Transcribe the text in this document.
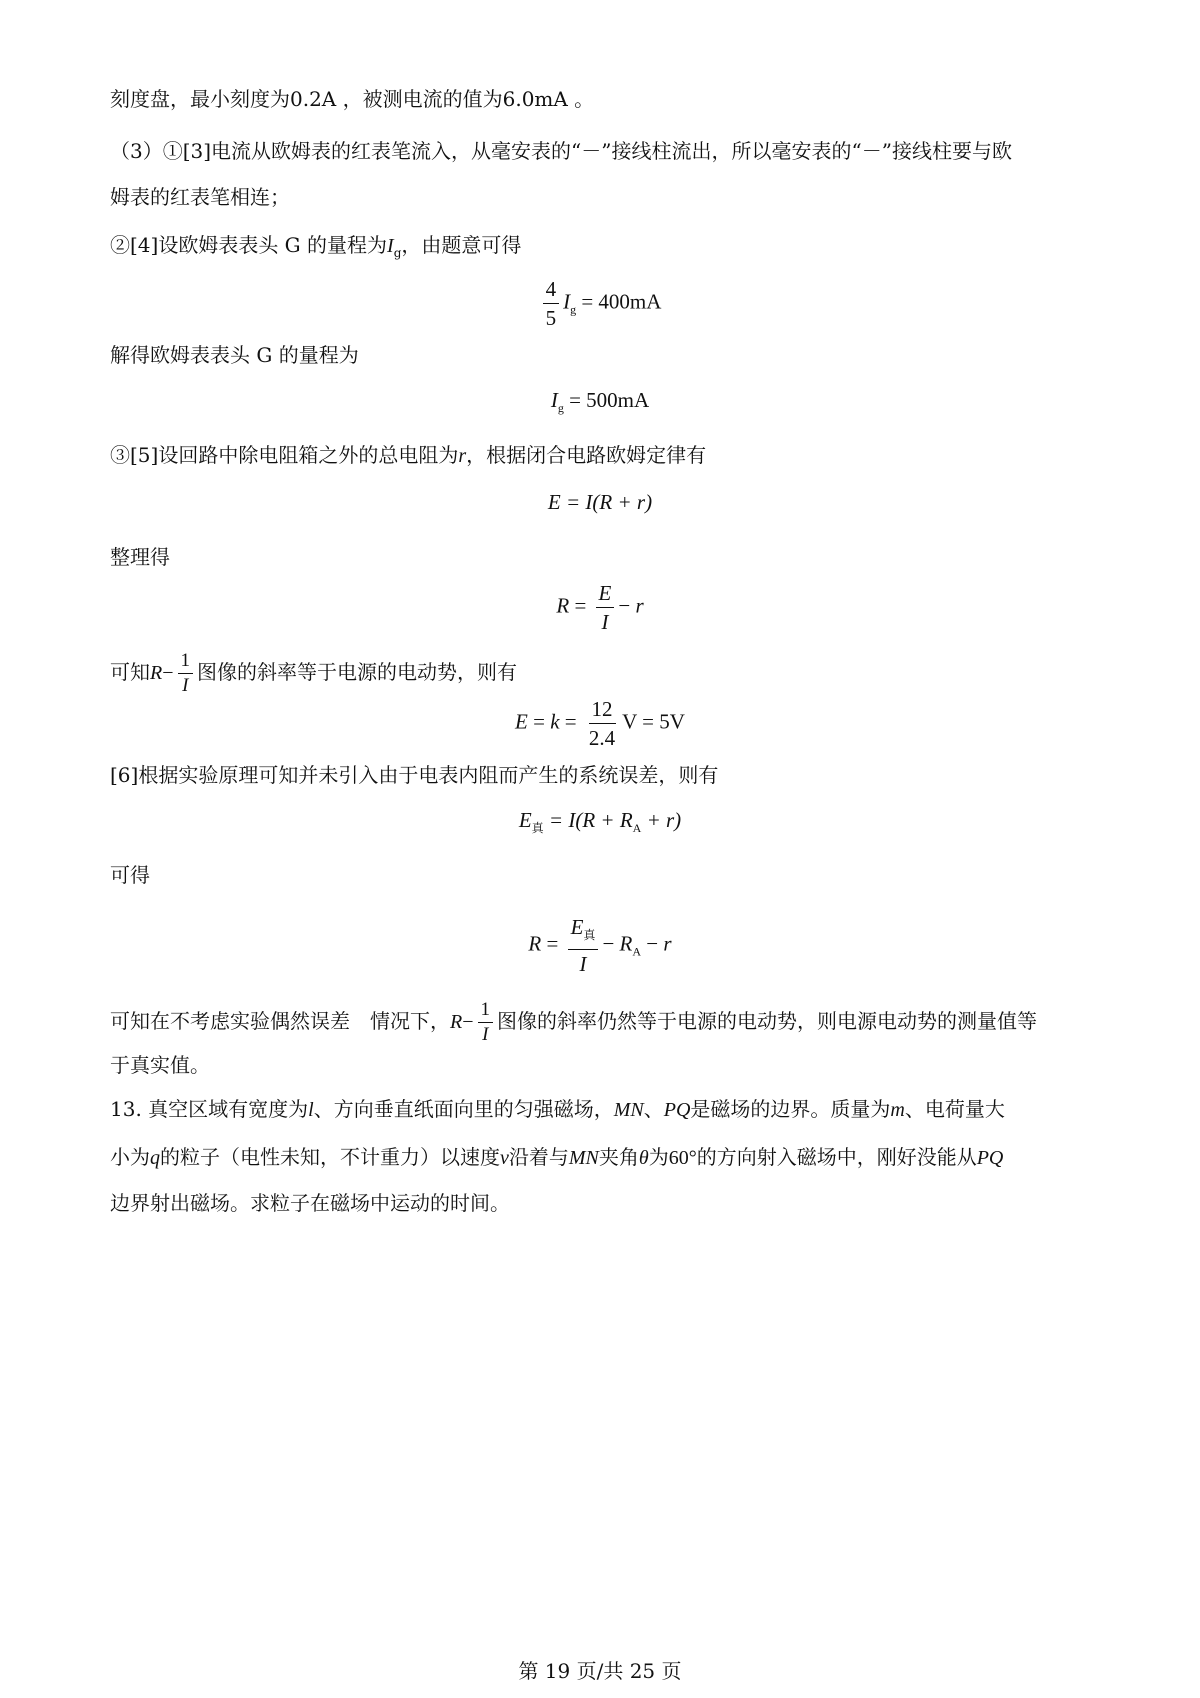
刻度盘，最小刻度为0.2A ，被测电流的值为6.0mA 。
（3）①[3]电流从欧姆表的红表笔流入，从毫安表的“－”接线柱流出，所以毫安表的“－”接线柱要与欧
姆表的红表笔相连；
②[4]设欧姆表表头 G 的量程为$I_g$，由题意可得
$\frac{4}{5} I_g = 400mA$
解得欧姆表表头 G 的量程为
$I_g = 500mA$
③[5]设回路中除电阻箱之外的总电阻为r，根据闭合电路欧姆定律有
E = I(R + r)
整理得
$R = \frac{E}{I} - r$
可知$R- \frac{1}{I}$ 图像的斜率等于电源的电动势，则有
$E = k = \frac{12}{2.4}$ V = 5V
[6]根据实验原理可知并未引入由于电表内阻而产生的系统误差，则有
$E_真 = I(R + R_A + r)$
可得
$R = \frac{E_真}{I} - R_A - r$
可知在不考虑实验偶然误差　情况下，$R- \frac{1}{I}$ 图像的斜率仍然等于电源的电动势，则电源电动势的测量值等
于真实值。
13. 真空区域有宽度为l、方向垂直纸面向里的匀强磁场，MN、PQ是磁场的边界。质量为m、电荷量大
小为q的粒子（电性未知，不计重力）以速度v沿着与MN夹角θ为60°的方向射入磁场中，刚好没能从PQ
边界射出磁场。求粒子在磁场中运动的时间。
第 19 页/共 25 页
